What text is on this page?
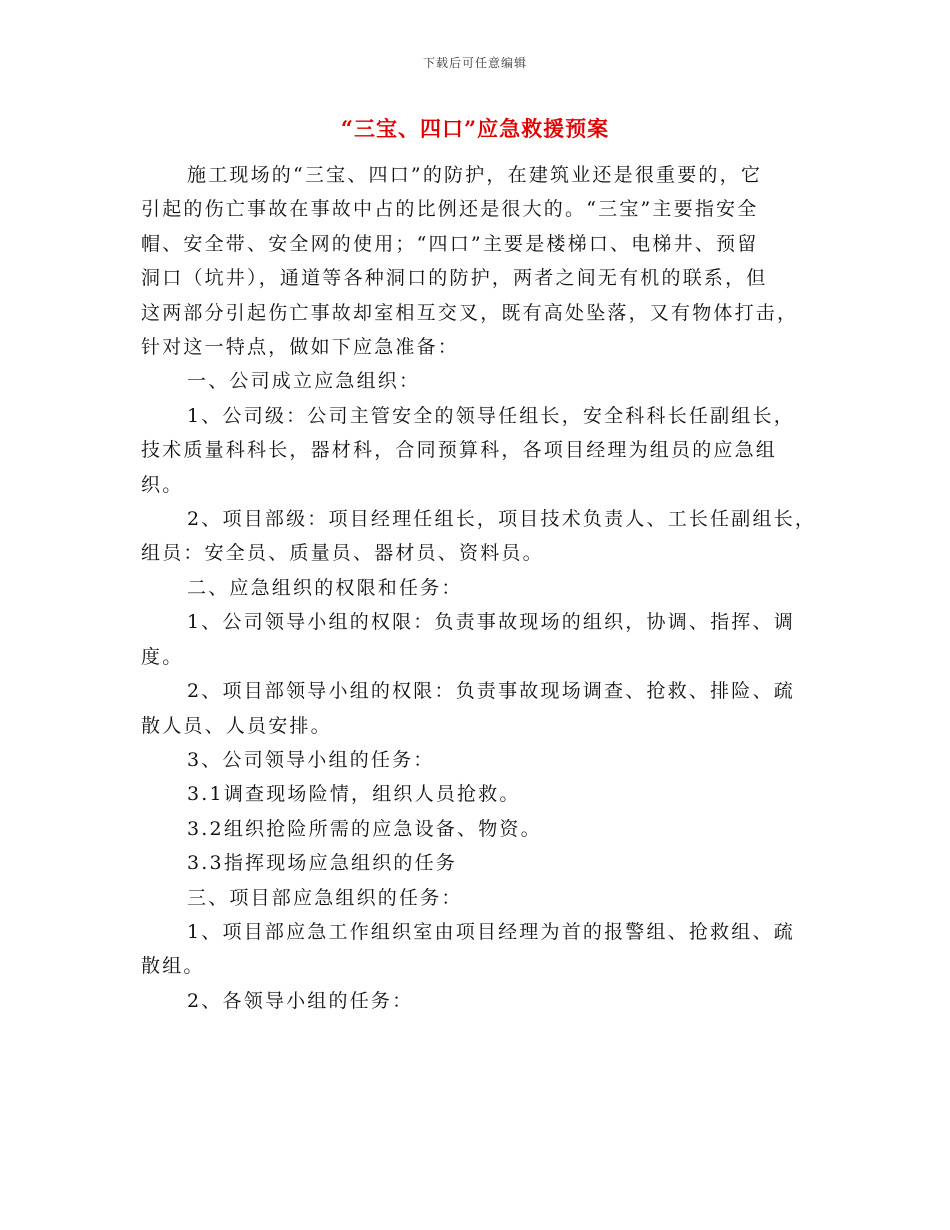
下载后可任意编辑
“三宝、四口”应急救援预案

施工现场的“三宝、四口”的防护，在建筑业还是很重要的，它

引起的伤亡事故在事故中占的比例还是很大的。“三宝”主要指安全

帽、安全带、安全网的使用；“四口”主要是楼梯口、电梯井、预留

洞口（坑井），通道等各种洞口的防护，两者之间无有机的联系，但

这两部分引起伤亡事故却室相互交叉，既有高处坠落，又有物体打击，

针对这一特点，做如下应急准备：

一、公司成立应急组织：

1、公司级：公司主管安全的领导任组长，安全科科长任副组长，

技术质量科科长，器材科，合同预算科，各项目经理为组员的应急组

织。

2、项目部级：项目经理任组长，项目技术负责人、工长任副组长，

组员：安全员、质量员、器材员、资料员。

二、应急组织的权限和任务：

1、公司领导小组的权限：负责事故现场的组织，协调、指挥、调

度。

2、项目部领导小组的权限：负责事故现场调查、抢救、排险、疏

散人员、人员安排。

3、公司领导小组的任务：

3.1调查现场险情，组织人员抢救。

3.2组织抢险所需的应急设备、物资。

3.3指挥现场应急组织的任务

三、项目部应急组织的任务：

1、项目部应急工作组织室由项目经理为首的报警组、抢救组、疏

散组。

2、各领导小组的任务：
